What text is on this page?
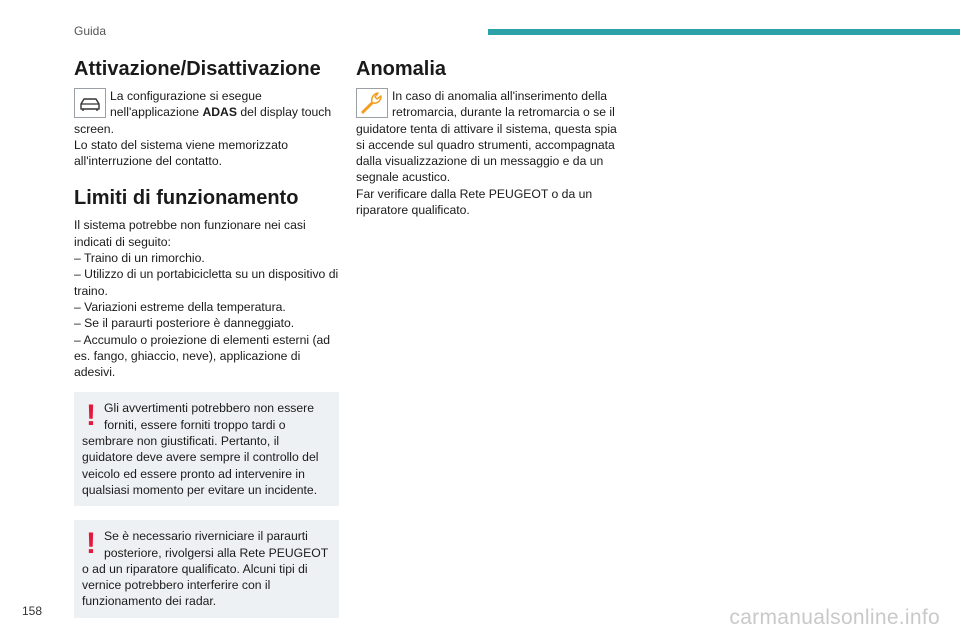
Guida
Attivazione/Disattivazione

La configurazione si esegue nell'applicazione ADAS del display touch screen.

Lo stato del sistema viene memorizzato all'interruzione del contatto.

Limiti di funzionamento

Il sistema potrebbe non funzionare nei casi indicati di seguito:

– Traino di un rimorchio.

– Utilizzo di un portabicicletta su un dispositivo di traino.

– Variazioni estreme della temperatura.

– Se il paraurti posteriore è danneggiato.

– Accumulo o proiezione di elementi esterni (ad es. fango, ghiaccio, neve), applicazione di adesivi.

! Gli avvertimenti potrebbero non essere forniti, essere forniti troppo tardi o sembrare non giustificati. Pertanto, il guidatore deve avere sempre il controllo del veicolo ed essere pronto ad intervenire in qualsiasi momento per evitare un incidente.

! Se è necessario riverniciare il paraurti posteriore, rivolgersi alla Rete PEUGEOT o ad un riparatore qualificato. Alcuni tipi di vernice potrebbero interferire con il funzionamento dei radar.

Anomalia

In caso di anomalia all'inserimento della retromarcia, durante la retromarcia o se il guidatore tenta di attivare il sistema, questa spia si accende sul quadro strumenti, accompagnata dalla visualizzazione di un messaggio e da un segnale acustico.

Far verificare dalla Rete PEUGEOT o da un riparatore qualificato.

158	carmanualsonline.info
